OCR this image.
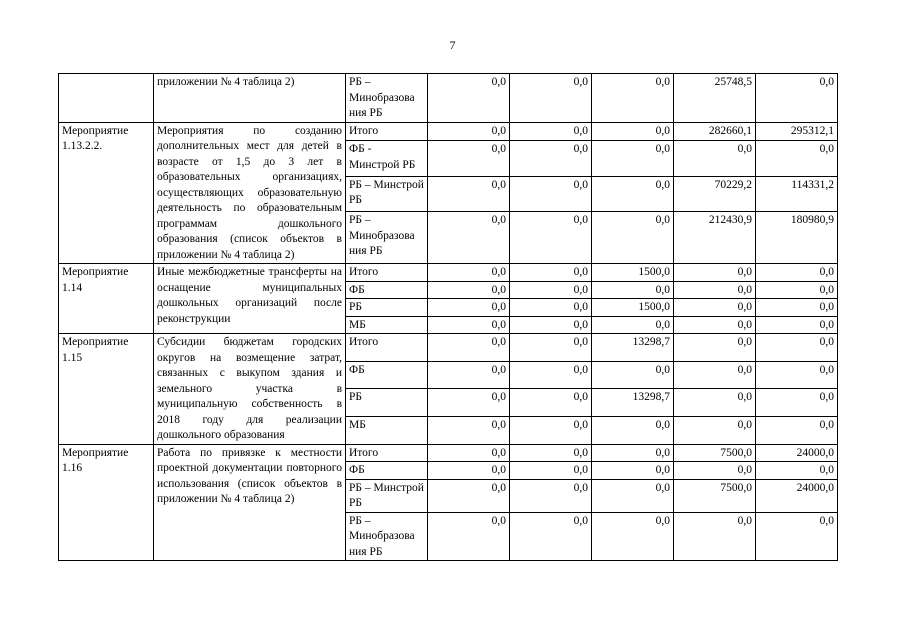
7
	приложении № 4 таблица 2)	РБ – Минобразова ния РБ	0,0	0,0	0,0	25748,5	0,0
Мероприятие 1.13.2.2.	Мероприятия по созданию дополнительных мест для детей в возрасте от 1,5 до 3 лет в образовательных организациях, осуществляющих образовательную деятельность по образовательным программам дошкольного образования (список объектов в приложении № 4 таблица 2)	Итого	0,0	0,0	0,0	282660,1	295312,1
		ФБ - Минстрой РБ	0,0	0,0	0,0	0,0	0,0
		РБ – Минстрой РБ	0,0	0,0	0,0	70229,2	114331,2
		РБ – Минобразова ния РБ	0,0	0,0	0,0	212430,9	180980,9
Мероприятие 1.14	Иные межбюджетные трансферты на оснащение муниципальных дошкольных организаций после реконструкции	Итого	0,0	0,0	1500,0	0,0	0,0
		ФБ	0,0	0,0	0,0	0,0	0,0
		РБ	0,0	0,0	1500,0	0,0	0,0
		МБ	0,0	0,0	0,0	0,0	0,0
Мероприятие 1.15	Субсидии бюджетам городских округов на возмещение затрат, связанных с выкупом здания и земельного участка в муниципальную собственность в 2018 году для реализации дошкольного образования	Итого	0,0	0,0	13298,7	0,0	0,0
		ФБ	0,0	0,0	0,0	0,0	0,0
		РБ	0,0	0,0	13298,7	0,0	0,0
		МБ	0,0	0,0	0,0	0,0	0,0
Мероприятие 1.16	Работа по привязке к местности проектной документации повторного использования (список объектов в приложении № 4 таблица 2)	Итого	0,0	0,0	0,0	7500,0	24000,0
		ФБ	0,0	0,0	0,0	0,0	0,0
		РБ – Минстрой РБ	0,0	0,0	0,0	7500,0	24000,0
		РБ – Минобразова ния РБ	0,0	0,0	0,0	0,0	0,0
